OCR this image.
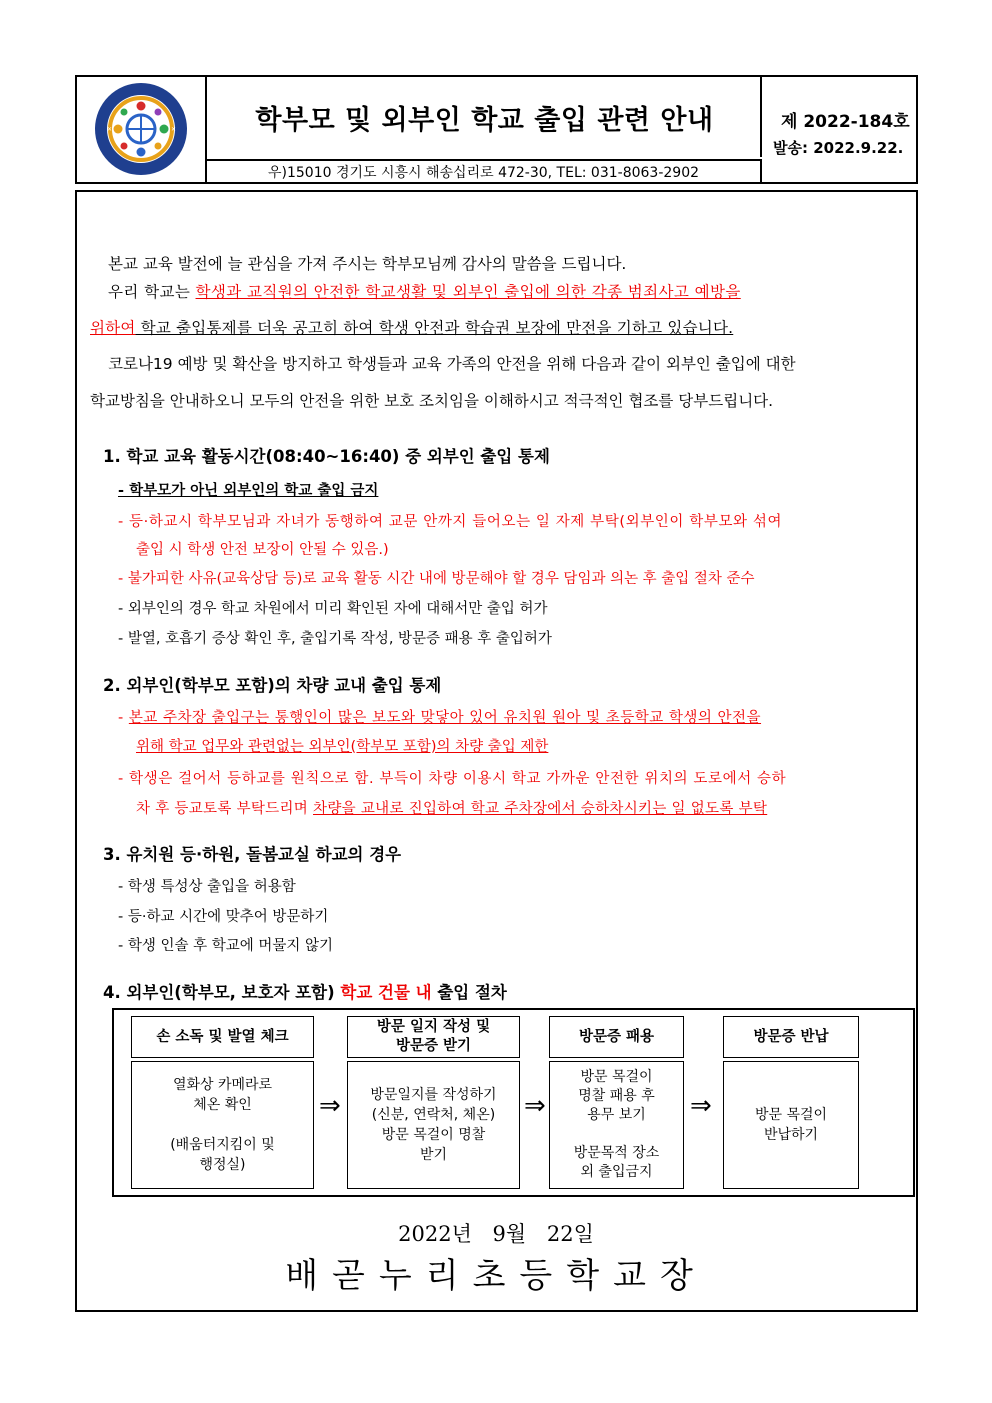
✕	✕	학부모 및 외부인 학교 출입 관련 안내
우)15010 경기도 시흥시 해송십리로 472-30, TEL: 031-8063-2902
제 2022-184호
발송: 2022.9.22.
본교 교육 발전에 늘 관심을 가져 주시는 학부모님께 감사의 말씀을 드립니다.
우리 학교는 학생과 교직원의 안전한 학교생활 및 외부인 출입에 의한 각종 범죄사고 예방을
위하여 학교 출입통제를 더욱 공고히 하여 학생 안전과 학습권 보장에 만전을 기하고 있습니다.
코로나19 예방 및 확산을 방지하고 학생들과 교육 가족의 안전을 위해 다음과 같이 외부인 출입에 대한
학교방침을 안내하오니 모두의 안전을 위한 보호 조치임을 이해하시고 적극적인 협조를 당부드립니다.
1. 학교 교육 활동시간(08:40~16:40) 중 외부인 출입 통제
- 학부모가 아닌 외부인의 학교 출입 금지
- 등·하교시 학부모님과 자녀가 동행하여 교문 안까지 들어오는 일 자제 부탁(외부인이 학부모와 섞여
출입 시 학생 안전 보장이 안될 수 있음.)
- 불가피한 사유(교육상담 등)로 교육 활동 시간 내에 방문해야 할 경우 담임과 의논 후 출입 절차 준수
- 외부인의 경우 학교 차원에서 미리 확인된 자에 대해서만 출입 허가
- 발열, 호흡기 증상 확인 후, 출입기록 작성, 방문증 패용 후 출입허가
2. 외부인(학부모 포함)의 차량 교내 출입 통제
- 본교 주차장 출입구는 통행인이 많은 보도와 맞닿아 있어 유치원 원아 및 초등학교 학생의 안전을
위해 학교 업무와 관련없는 외부인(학부모 포함)의 차량 출입 제한
- 학생은 걸어서 등하교를 원칙으로 함. 부득이 차량 이용시 학교 가까운 안전한 위치의 도로에서 승하
차 후 등교토록 부탁드리며 차량을 교내로 진입하여 학교 주차장에서 승하차시키는 일 없도록 부탁
3. 유치원 등·하원, 돌봄교실 하교의 경우
- 학생 특성상 출입을 허용함
- 등·하교 시간에 맞추어 방문하기
- 학생 인솔 후 학교에 머물지 않기
4. 외부인(학부모, 보호자 포함) 학교 건물 내 출입 절차
손 소독 및 발열 체크
열화상 카메라로
체온 확인
(배움터지킴이 및
행정실)
⇒
방문 일지 작성 및
방문증 받기
방문일지를 작성하기
(신분, 연락처, 체온)
방문 목걸이 명찰
받기
⇒
방문증 패용
방문 목걸이
명찰 패용 후
용무 보기
방문목적 장소
외 출입금지
⇒
방문증 반납
방문 목걸이
반납하기
2022년 9월 22일
배곧누리초등학교장
